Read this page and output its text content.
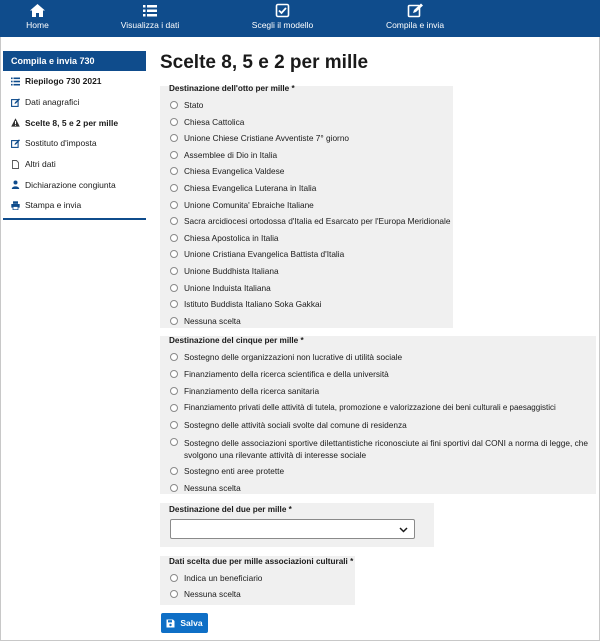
Home	Visualizza i dati	Scegli il modello	Compila e invia
Compila e invia 730
Riepilogo 730 2021
Dati anagrafici
Scelte 8, 5 e 2 per mille
Sostituto d'imposta
Altri dati
Dichiarazione congiunta
Stampa e invia
Scelte 8, 5 e 2 per mille
Destinazione dell'otto per mille *
Stato
Chiesa Cattolica
Unione Chiese Cristiane Avventiste 7° giorno
Assemblee di Dio in Italia
Chiesa Evangelica Valdese
Chiesa Evangelica Luterana in Italia
Unione Comunita' Ebraiche Italiane
Sacra arcidiocesi ortodossa d'Italia ed Esarcato per l'Europa Meridionale
Chiesa Apostolica in Italia
Unione Cristiana Evangelica Battista d'Italia
Unione Buddhista Italiana
Unione Induista Italiana
Istituto Buddista Italiano Soka Gakkai
Nessuna scelta
Destinazione del cinque per mille *
Sostegno delle organizzazioni non lucrative di utilità sociale
Finanziamento della ricerca scientifica e della università
Finanziamento della ricerca sanitaria
Finanziamento privati delle attività di tutela, promozione e valorizzazione dei beni culturali e paesaggistici
Sostegno delle attività sociali svolte dal comune di residenza
Sostegno delle associazioni sportive dilettantistiche riconosciute ai fini sportivi dal CONI a norma di legge, che svolgono una rilevante attività di interesse sociale
Sostegno enti aree protette
Nessuna scelta
Destinazione del due per mille *
Dati scelta due per mille associazioni culturali *
Indica un beneficiario
Nessuna scelta
Salva
